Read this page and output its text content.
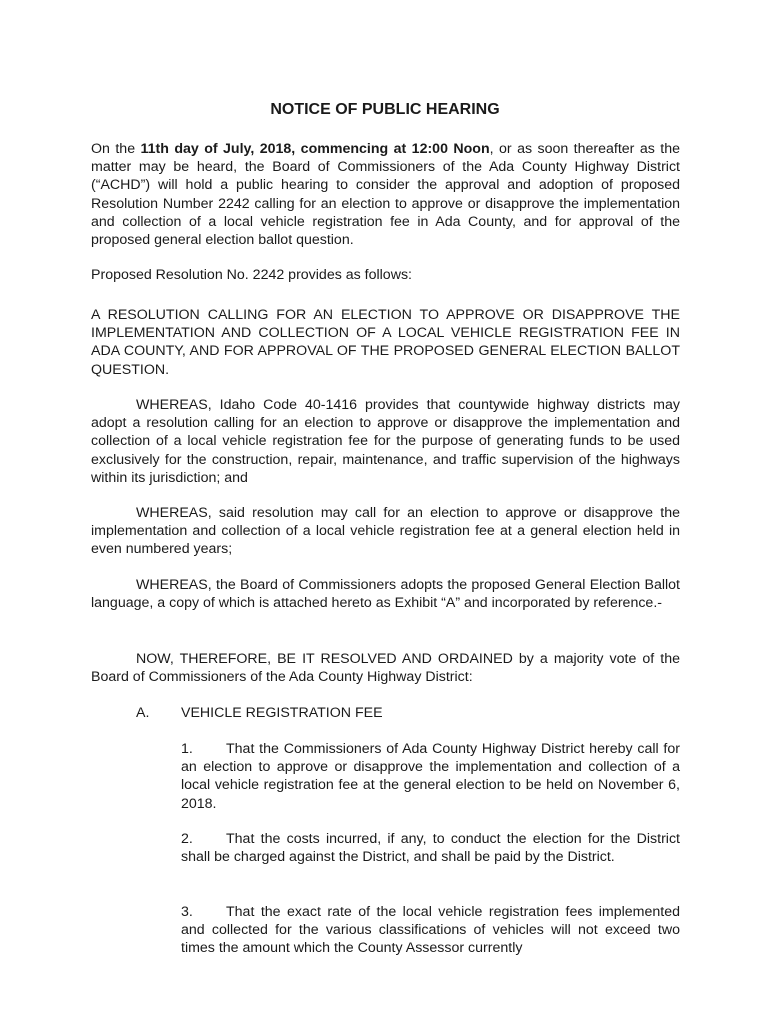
NOTICE OF PUBLIC HEARING

On the 11th day of July, 2018, commencing at 12:00 Noon, or as soon thereafter as the matter may be heard, the Board of Commissioners of the Ada County Highway District (“ACHD”) will hold a public hearing to consider the approval and adoption of proposed Resolution Number 2242 calling for an election to approve or disapprove the implementation and collection of a local vehicle registration fee in Ada County, and for approval of the proposed general election ballot question.

Proposed Resolution No. 2242 provides as follows:

A RESOLUTION CALLING FOR AN ELECTION TO APPROVE OR DISAPPROVE THE IMPLEMENTATION AND COLLECTION OF A LOCAL VEHICLE REGISTRATION FEE IN ADA COUNTY, AND FOR APPROVAL OF THE PROPOSED GENERAL ELECTION BALLOT QUESTION.

WHEREAS, Idaho Code 40-1416 provides that countywide highway districts may adopt a resolution calling for an election to approve or disapprove the implementation and collection of a local vehicle registration fee for the purpose of generating funds to be used exclusively for the construction, repair, maintenance, and traffic supervision of the highways within its jurisdiction; and

WHEREAS, said resolution may call for an election to approve or disapprove the implementation and collection of a local vehicle registration fee at a general election held in even numbered years;

WHEREAS, the Board of Commissioners adopts the proposed General Election Ballot language, a copy of which is attached hereto as Exhibit “A” and incorporated by reference.-

NOW, THEREFORE, BE IT RESOLVED AND ORDAINED by a majority vote of the Board of Commissioners of the Ada County Highway District:

A. VEHICLE REGISTRATION FEE

1. That the Commissioners of Ada County Highway District hereby call for an election to approve or disapprove the implementation and collection of a local vehicle registration fee at the general election to be held on November 6, 2018.

2. That the costs incurred, if any, to conduct the election for the District shall be charged against the District, and shall be paid by the District.

3. That the exact rate of the local vehicle registration fees implemented and collected for the various classifications of vehicles will not exceed two times the amount which the County Assessor currently
